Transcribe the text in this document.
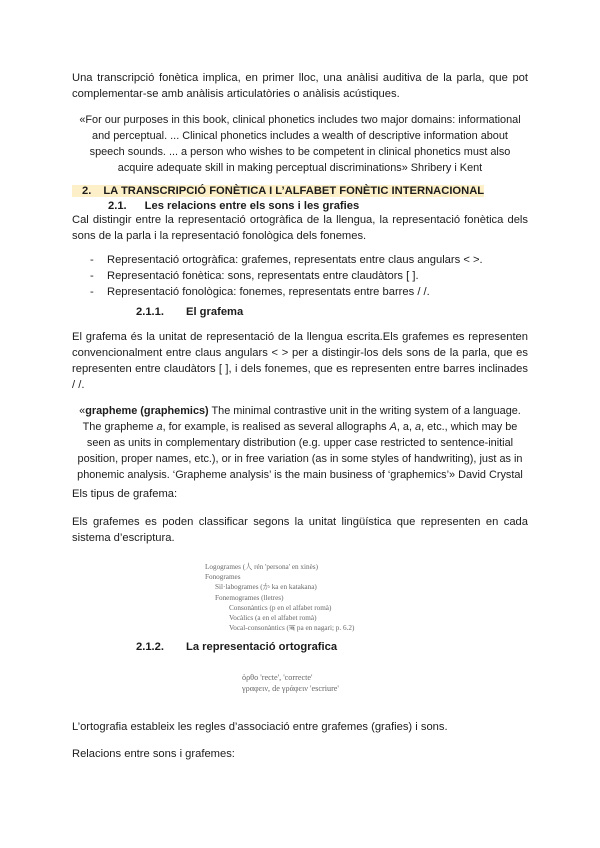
Una transcripció fonètica implica, en primer lloc, una anàlisi auditiva de la parla, que pot complementar-se amb anàlisis articulatòries o anàlisis acústiques.
«For our purposes in this book, clinical phonetics includes two major domains: informational
and perceptual. ... Clinical phonetics includes a wealth of descriptive information about
speech sounds. ... a person who wishes to be competent in clinical phonetics must also
acquire adequate skill in making perceptual discriminations» Shribery i Kent
2. LA TRANSCRIPCIÓ FONÈTICA I L’ALFABET FONÈTIC INTERNACIONAL
2.1. Les relacions entre els sons i les grafies
Cal distingir entre la representació ortogràfica de la llengua, la representació fonètica dels sons de la parla i la representació fonològica dels fonemes.
- Representació ortogràfica: grafemes, representats entre claus angulars < >.
- Representació fonètica: sons, representats entre claudàtors [ ].
- Representació fonològica: fonemes, representats entre barres / /.
2.1.1. El grafema
El grafema és la unitat de representació de la llengua escrita.Els grafemes es representen convencionalment entre claus angulars < > per a distingir-los dels sons de la parla, que es representen entre claudàtors [ ], i dels fonemes, que es representen entre barres inclinades / /.
«grapheme (graphemics) The minimal contrastive unit in the writing system of a language.
The grapheme a, for example, is realised as several allographs A, a, a, etc., which may be
seen as units in complementary distribution (e.g. upper case restricted to sentence-initial
position, proper names, etc.), or in free variation (as in some styles of handwriting), just as in
phonemic analysis. ‘Grapheme analysis’ is the main business of ‘graphemics’» David Crystal
Els tipus de grafema:
Els grafemes es poden classificar segons la unitat lingüística que representen en cada sistema d’escriptura.
Logogrames (人 rén 'persona' en xinès)
Fonogrames
Sil·labogrames (か ka en katakana)
Fonemogrames (lletres)
Consonàntics (p en el alfabet romà)
Vocàlics (a en el alfabet romà)
Vocal-consonàntics (ऋ pa en nagari; p. 6.2)
2.1.2. La representació ortografica
ὀρθο 'recte', 'correcte'
γραφειν, de γράφειν 'escriure'
L’ortografia estableix les regles d’associació entre grafemes (grafies) i sons.
Relacions entre sons i grafemes:
